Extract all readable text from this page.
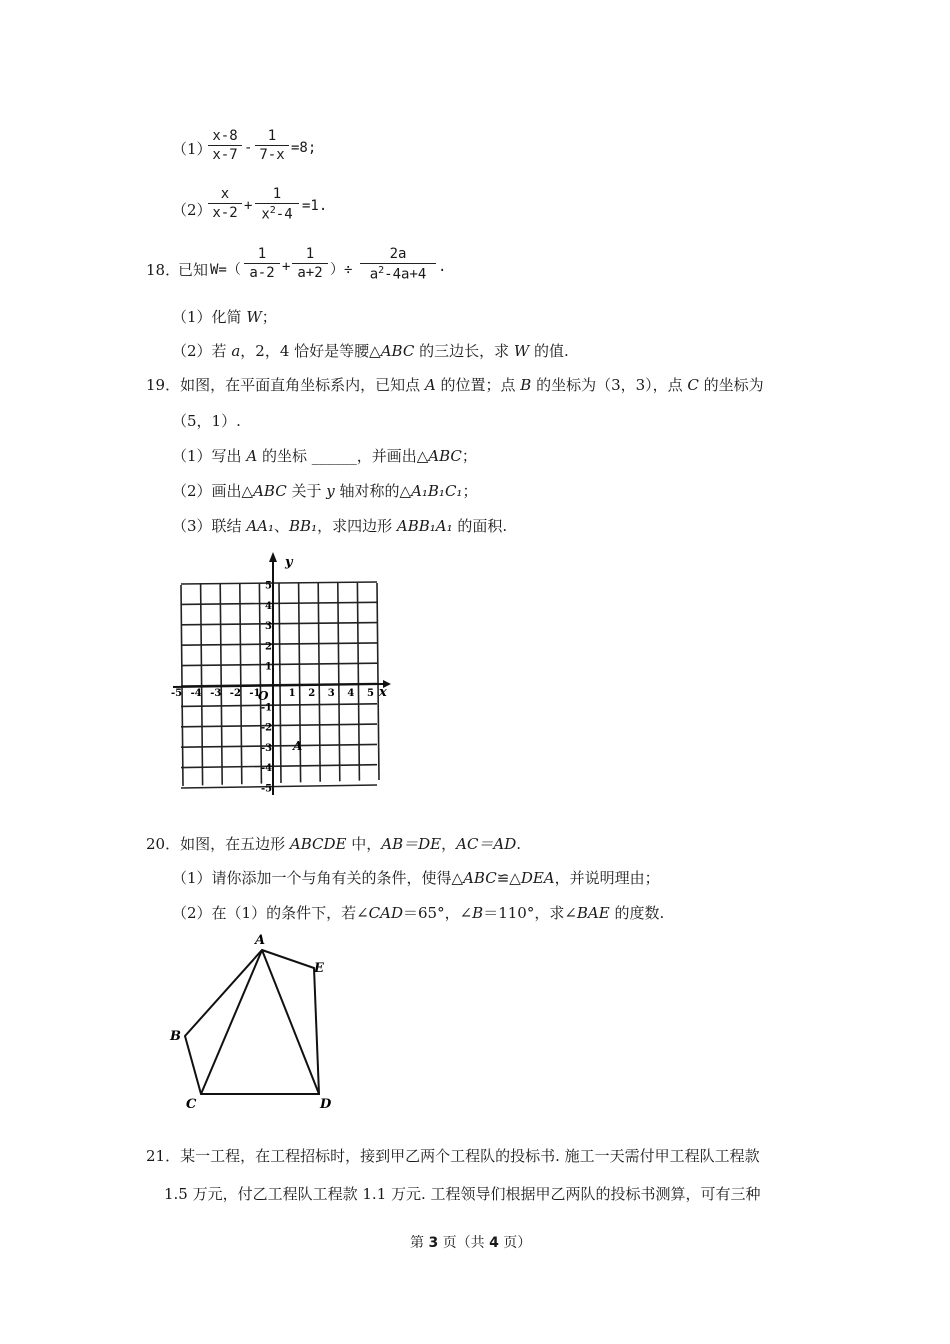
（1）
x-8
x-7 -
1
7-x =8;
（2）
x
x-2 +
1
$x^2-4$
=1.
18．
已知 W=（
1
a-2 +
1
a+2 ）÷
2a
$a^2-4a+4$ .
（1）化简 W；
（2）若 a，2，4 恰好是等腰△ABC 的三边长，求 W 的值.
19．如图，在平面直角坐标系内，已知点 A 的位置；点 B 的坐标为（3，3），点 C 的坐标为
（5，1）.
（1）写出 A 的坐标 ______，并画出△ABC；
（2）画出△ABC 关于 y 轴对称的△A₁B₁C₁；
（3）联结 AA₁、BB₁，求四边形 ABB₁A₁ 的面积.
y
x
O
A
-5 -4 -3 -2 -1	1 2 3 4 5
5
4
3
2
1
-1
-2
-3
-4
-5
20．如图，在五边形 ABCDE 中，AB＝DE，AC＝AD.
（1）请你添加一个与角有关的条件，使得△ABC≌△DEA，并说明理由；
（2）在（1）的条件下，若∠CAD＝65°，∠B＝110°，求∠BAE 的度数.
A
B
C	D
E
21．某一工程，在工程招标时，接到甲乙两个工程队的投标书. 施工一天需付甲工程队工程款
1.5 万元，付乙工程队工程款 1.1 万元. 工程领导们根据甲乙两队的投标书测算，可有三种
第 3 页（共 4 页）
